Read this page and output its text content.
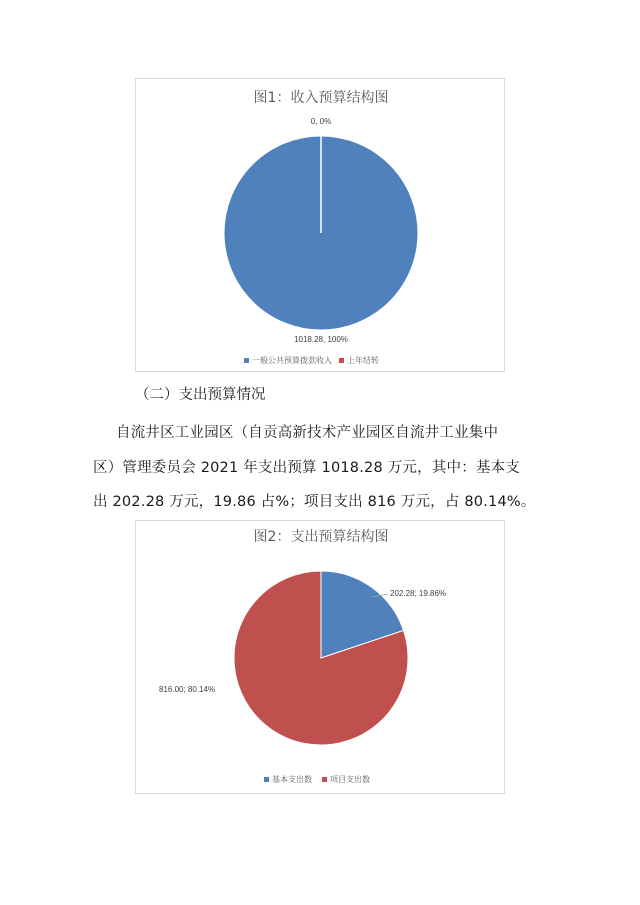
图1：收入预算结构图
0, 0%
1018.28, 100%
一般公共预算拨款收入 上年结转

（二）支出预算情况

自流井区工业园区（自贡高新技术产业园区自流井工业集中

区）管理委员会 2021 年支出预算 1018.28 万元，其中：基本支

出 202.28 万元，19.86 占%；项目支出 816 万元，占 80.14%。

图2：支出预算结构图
202.28; 19.86%
816.00; 80.14%
基本支出数 项目支出数
